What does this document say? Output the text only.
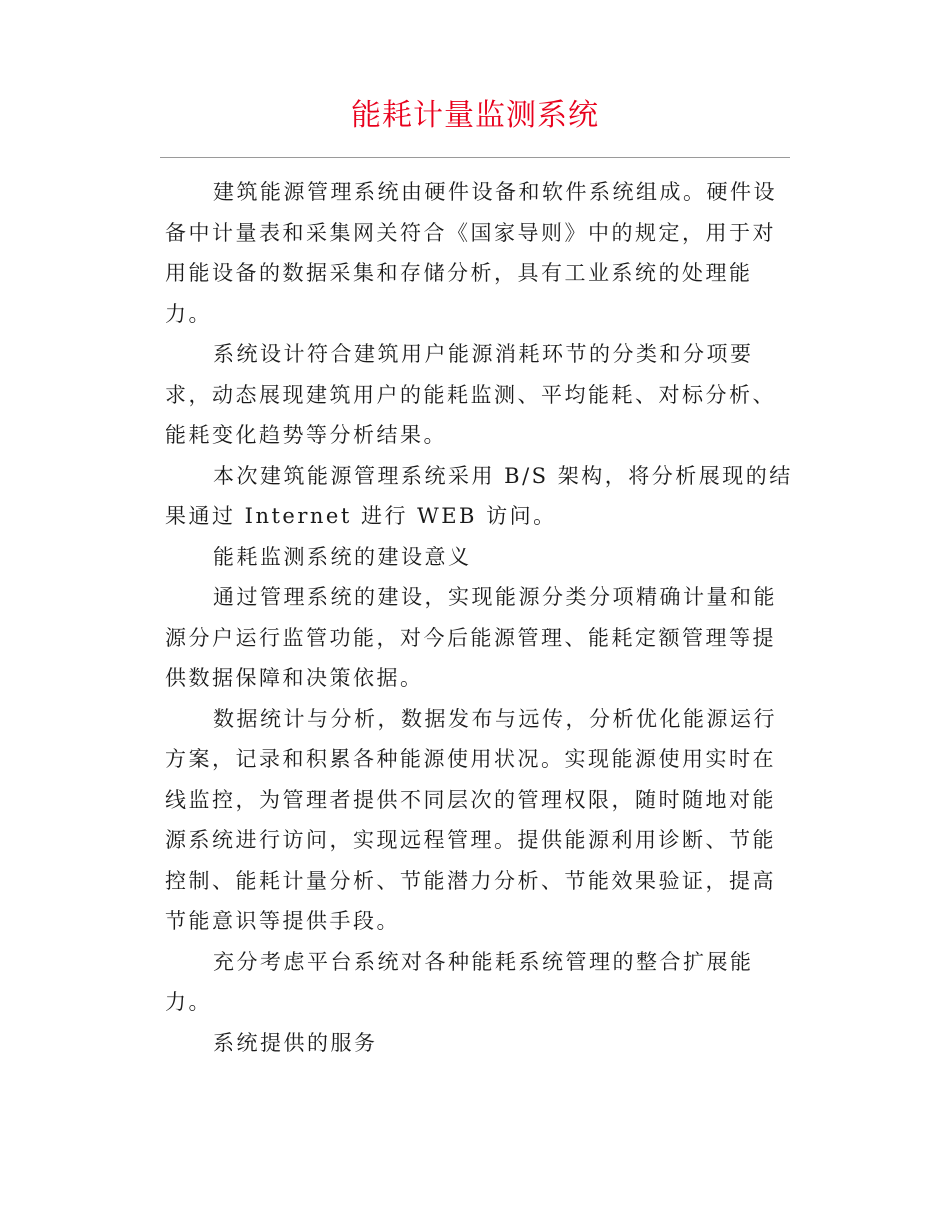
能耗计量监测系统

建筑能源管理系统由硬件设备和软件系统组成。硬件设
备中计量表和采集网关符合《国家导则》中的规定，用于对
用能设备的数据采集和存储分析，具有工业系统的处理能
力。

系统设计符合建筑用户能源消耗环节的分类和分项要
求，动态展现建筑用户的能耗监测、平均能耗、对标分析、
能耗变化趋势等分析结果。

本次建筑能源管理系统采用 B/S 架构，将分析展现的结
果通过 Internet 进行 WEB 访问。

能耗监测系统的建设意义

通过管理系统的建设，实现能源分类分项精确计量和能
源分户运行监管功能，对今后能源管理、能耗定额管理等提
供数据保障和决策依据。

数据统计与分析，数据发布与远传，分析优化能源运行
方案，记录和积累各种能源使用状况。实现能源使用实时在
线监控，为管理者提供不同层次的管理权限，随时随地对能
源系统进行访问，实现远程管理。提供能源利用诊断、节能
控制、能耗计量分析、节能潜力分析、节能效果验证，提高
节能意识等提供手段。

充分考虑平台系统对各种能耗系统管理的整合扩展能
力。

系统提供的服务
